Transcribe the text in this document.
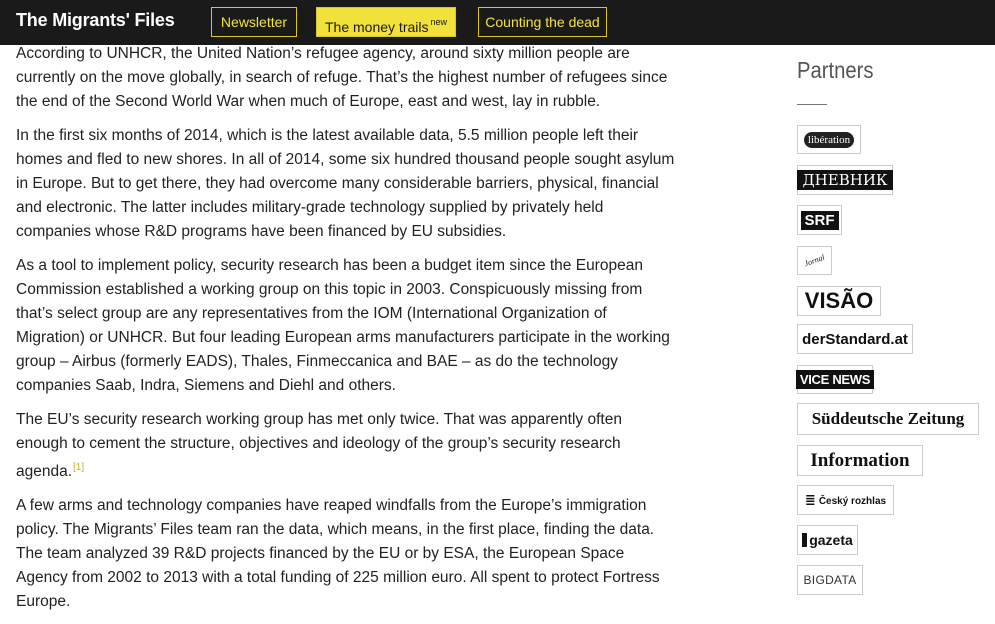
The Migrants' Files	Newsletter	The money trails $^{new}$	Counting the dead

According to UNHCR, the United Nation’s refugee agency, around sixty million people are currently on the move globally, in search of refuge. That’s the highest number of refugees since the end of the Second World War when much of Europe, east and west, lay in rubble.

In the first six months of 2014, which is the latest available data, 5.5 million people left their homes and fled to new shores. In all of 2014, some six hundred thousand people sought asylum in Europe. But to get there, they had overcome many considerable barriers, physical, financial and electronic. The latter includes military-grade technology supplied by privately held companies whose R&D programs have been financed by EU subsidies.

As a tool to implement policy, security research has been a budget item since the European Commission established a working group on this topic in 2003. Conspicuously missing from that’s select group are any representatives from the IOM (International Organization of Migration) or UNHCR. But four leading European arms manufacturers participate in the working group – Airbus (formerly EADS), Thales, Finmeccanica and BAE – as do the technology companies Saab, Indra, Siemens and Diehl and others.

The EU’s security research working group has met only twice. That was apparently often enough to cement the structure, objectives and ideology of the group’s security research agenda.[1]

A few arms and technology companies have reaped windfalls from the Europe’s immigration policy. The Migrants’ Files team ran the data, which means, in the first place, finding the data. The team analyzed 39 R&D projects financed by the EU or by ESA, the European Space Agency from 2002 to 2013 with a total funding of 225 million euro. All spent to protect Fortress Europe.

Partners
libération
ДНЕВНИК
SRF
Jornal
VISÃO
derStandard.at
VICE NEWS
Süddeutsche Zeitung
Information
≣ Český rozhlas
gazeta
BIGDATA
